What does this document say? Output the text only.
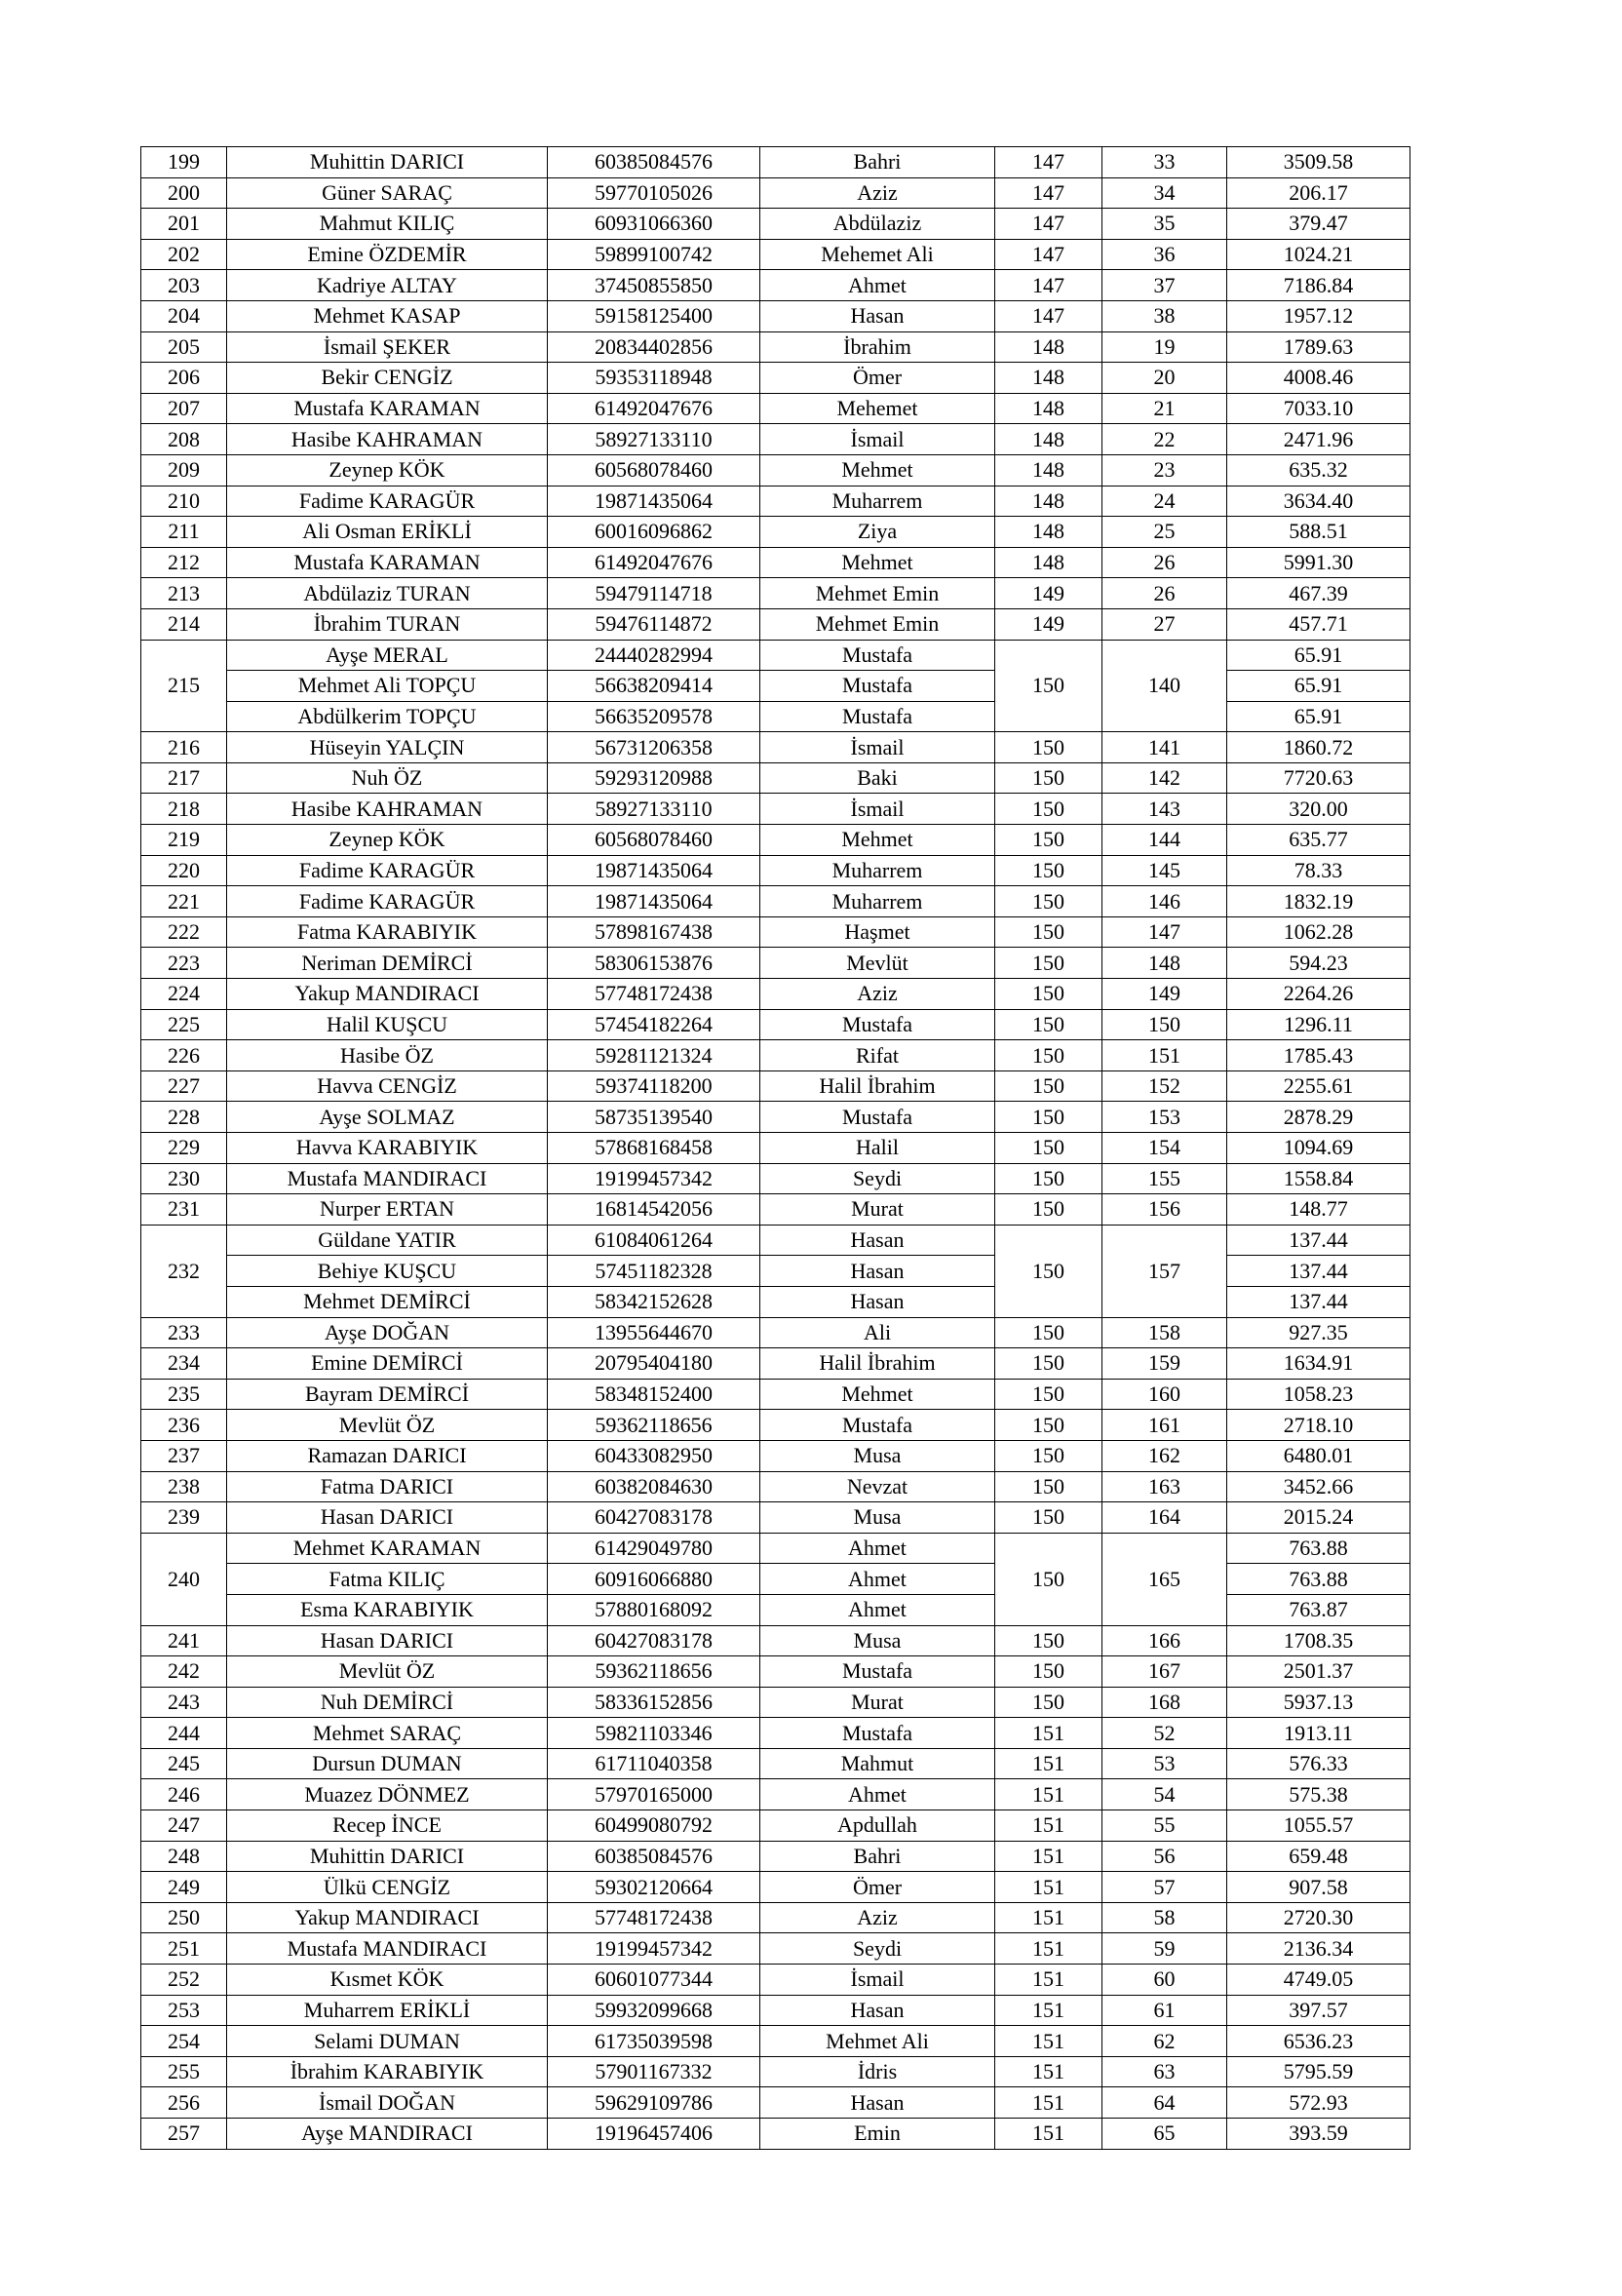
199	Muhittin DARICI	60385084576	Bahri	147	33	3509.58
200	Güner SARAÇ	59770105026	Aziz	147	34	206.17
201	Mahmut KILIÇ	60931066360	Abdülaziz	147	35	379.47
202	Emine ÖZDEMİR	59899100742	Mehemet Ali	147	36	1024.21
203	Kadriye ALTAY	37450855850	Ahmet	147	37	7186.84
204	Mehmet KASAP	59158125400	Hasan	147	38	1957.12
205	İsmail ŞEKER	20834402856	İbrahim	148	19	1789.63
206	Bekir CENGİZ	59353118948	Ömer	148	20	4008.46
207	Mustafa KARAMAN	61492047676	Mehemet	148	21	7033.10
208	Hasibe KAHRAMAN	58927133110	İsmail	148	22	2471.96
209	Zeynep KÖK	60568078460	Mehmet	148	23	635.32
210	Fadime KARAGÜR	19871435064	Muharrem	148	24	3634.40
211	Ali Osman ERİKLİ	60016096862	Ziya	148	25	588.51
212	Mustafa KARAMAN	61492047676	Mehmet	148	26	5991.30
213	Abdülaziz TURAN	59479114718	Mehmet Emin	149	26	467.39
214	İbrahim TURAN	59476114872	Mehmet Emin	149	27	457.71
215	Ayşe MERAL	24440282994	Mustafa	150	140	65.91
	Mehmet Ali TOPÇU	56638209414	Mustafa			65.91
	Abdülkerim TOPÇU	56635209578	Mustafa			65.91
216	Hüseyin YALÇIN	56731206358	İsmail	150	141	1860.72
217	Nuh ÖZ	59293120988	Baki	150	142	7720.63
218	Hasibe KAHRAMAN	58927133110	İsmail	150	143	320.00
219	Zeynep KÖK	60568078460	Mehmet	150	144	635.77
220	Fadime KARAGÜR	19871435064	Muharrem	150	145	78.33
221	Fadime KARAGÜR	19871435064	Muharrem	150	146	1832.19
222	Fatma KARABIYIK	57898167438	Haşmet	150	147	1062.28
223	Neriman DEMİRCİ	58306153876	Mevlüt	150	148	594.23
224	Yakup MANDIRACI	57748172438	Aziz	150	149	2264.26
225	Halil KUŞCU	57454182264	Mustafa	150	150	1296.11
226	Hasibe ÖZ	59281121324	Rifat	150	151	1785.43
227	Havva CENGİZ	59374118200	Halil İbrahim	150	152	2255.61
228	Ayşe SOLMAZ	58735139540	Mustafa	150	153	2878.29
229	Havva KARABIYIK	57868168458	Halil	150	154	1094.69
230	Mustafa MANDIRACI	19199457342	Seydi	150	155	1558.84
231	Nurper ERTAN	16814542056	Murat	150	156	148.77
232	Güldane YATIR	61084061264	Hasan	150	157	137.44
	Behiye KUŞCU	57451182328	Hasan			137.44
	Mehmet DEMİRCİ	58342152628	Hasan			137.44
233	Ayşe DOĞAN	13955644670	Ali	150	158	927.35
234	Emine DEMİRCİ	20795404180	Halil İbrahim	150	159	1634.91
235	Bayram DEMİRCİ	58348152400	Mehmet	150	160	1058.23
236	Mevlüt ÖZ	59362118656	Mustafa	150	161	2718.10
237	Ramazan DARICI	60433082950	Musa	150	162	6480.01
238	Fatma DARICI	60382084630	Nevzat	150	163	3452.66
239	Hasan DARICI	60427083178	Musa	150	164	2015.24
240	Mehmet KARAMAN	61429049780	Ahmet	150	165	763.88
	Fatma KILIÇ	60916066880	Ahmet			763.88
	Esma KARABIYIK	57880168092	Ahmet			763.87
241	Hasan DARICI	60427083178	Musa	150	166	1708.35
242	Mevlüt ÖZ	59362118656	Mustafa	150	167	2501.37
243	Nuh DEMİRCİ	58336152856	Murat	150	168	5937.13
244	Mehmet SARAÇ	59821103346	Mustafa	151	52	1913.11
245	Dursun DUMAN	61711040358	Mahmut	151	53	576.33
246	Muazez DÖNMEZ	57970165000	Ahmet	151	54	575.38
247	Recep İNCE	60499080792	Apdullah	151	55	1055.57
248	Muhittin DARICI	60385084576	Bahri	151	56	659.48
249	Ülkü CENGİZ	59302120664	Ömer	151	57	907.58
250	Yakup MANDIRACI	57748172438	Aziz	151	58	2720.30
251	Mustafa MANDIRACI	19199457342	Seydi	151	59	2136.34
252	Kısmet KÖK	60601077344	İsmail	151	60	4749.05
253	Muharrem ERİKLİ	59932099668	Hasan	151	61	397.57
254	Selami DUMAN	61735039598	Mehmet Ali	151	62	6536.23
255	İbrahim KARABIYIK	57901167332	İdris	151	63	5795.59
256	İsmail DOĞAN	59629109786	Hasan	151	64	572.93
257	Ayşe MANDIRACI	19196457406	Emin	151	65	393.59
